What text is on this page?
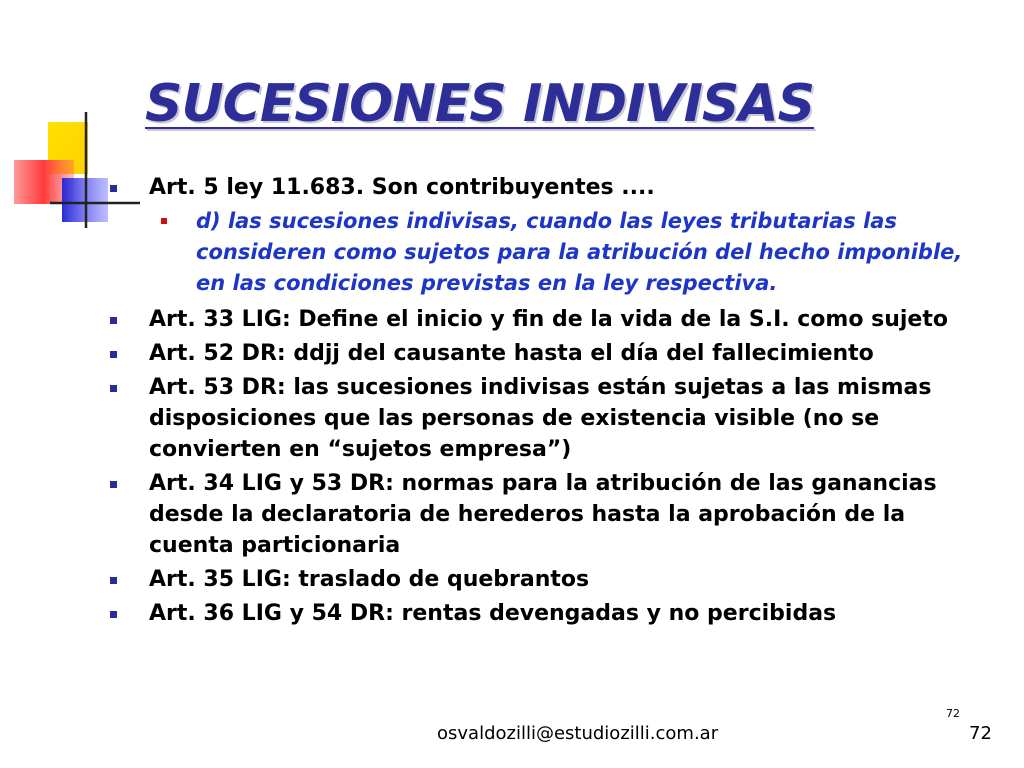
SUCESIONES INDIVISAS
Art. 5 ley 11.683. Son contribuyentes ....
d) las sucesiones indivisas, cuando las leyes tributarias las consideren como sujetos para la atribución del hecho imponible, en las condiciones previstas en la ley respectiva.
Art. 33 LIG: Define el inicio y fin de la vida de la S.I. como sujeto
Art. 52 DR: ddjj del causante hasta el día del fallecimiento
Art. 53 DR: las sucesiones indivisas están sujetas a las mismas disposiciones que las personas de existencia visible (no se convierten en “sujetos empresa”)
Art. 34 LIG y 53 DR: normas para la atribución de las ganancias desde la declaratoria de herederos hasta la aprobación de la cuenta particionaria
Art. 35 LIG: traslado de quebrantos
Art. 36 LIG y 54 DR: rentas devengadas y no percibidas
72
osvaldozilli@estudiozilli.com.ar	72
